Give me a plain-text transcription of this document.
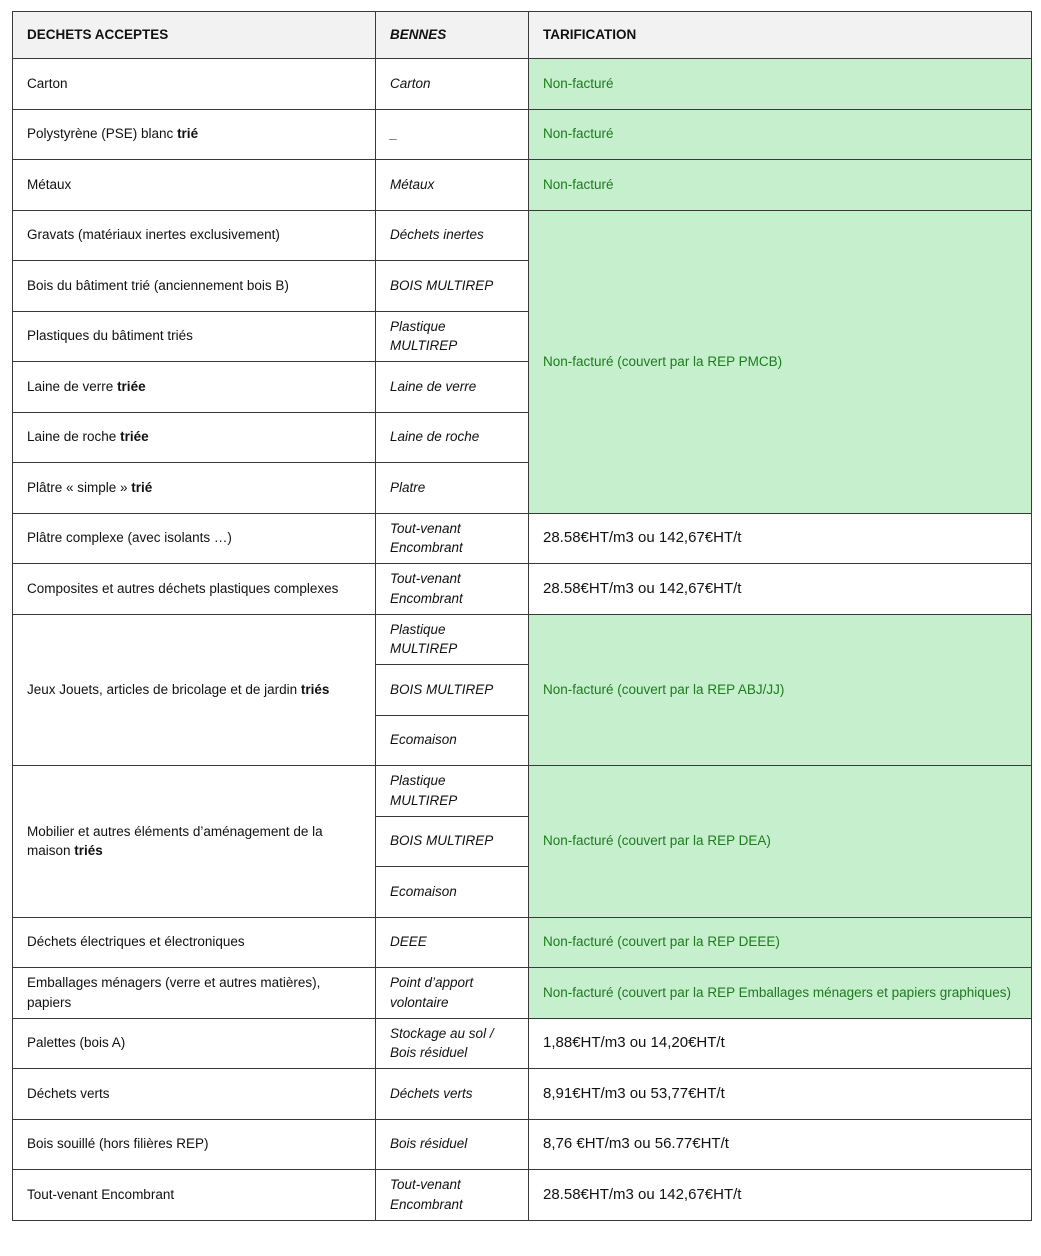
DECHETS ACCEPTES	BENNES	TARIFICATION
Carton	Carton	Non-facturé
Polystyrène (PSE) blanc trié	_	Non-facturé
Métaux	Métaux	Non-facturé
Gravats (matériaux inertes exclusivement)	Déchets inertes	Non-facturé (couvert par la REP PMCB)
Bois du bâtiment trié (anciennement bois B)	BOIS MULTIREP	
Plastiques du bâtiment triés	Plastique MULTIREP	
Laine de verre triée	Laine de verre	
Laine de roche triée	Laine de roche	
Plâtre « simple » trié	Platre	
Plâtre complexe (avec isolants …)	Tout-venant Encombrant	28.58€HT/m3 ou 142,67€HT/t
Composites et autres déchets plastiques complexes	Tout-venant Encombrant	28.58€HT/m3 ou 142,67€HT/t
Jeux Jouets, articles de bricolage et de jardin triés	Plastique MULTIREP	Non-facturé (couvert par la REP ABJ/JJ)
	BOIS MULTIREP	
	Ecomaison	
Mobilier et autres éléments d’aménagement de la maison triés	Plastique MULTIREP	Non-facturé (couvert par la REP DEA)
	BOIS MULTIREP	
	Ecomaison	
Déchets électriques et électroniques	DEEE	Non-facturé (couvert par la REP DEEE)
Emballages ménagers (verre et autres matières), papiers	Point d’apport volontaire	Non-facturé (couvert par la REP Emballages ménagers et papiers graphiques)
Palettes (bois A)	Stockage au sol / Bois résiduel	1,88€HT/m3 ou 14,20€HT/t
Déchets verts	Déchets verts	8,91€HT/m3 ou 53,77€HT/t
Bois souillé (hors filières REP)	Bois résiduel	8,76 €HT/m3 ou 56.77€HT/t
Tout-venant Encombrant	Tout-venant Encombrant	28.58€HT/m3 ou 142,67€HT/t
